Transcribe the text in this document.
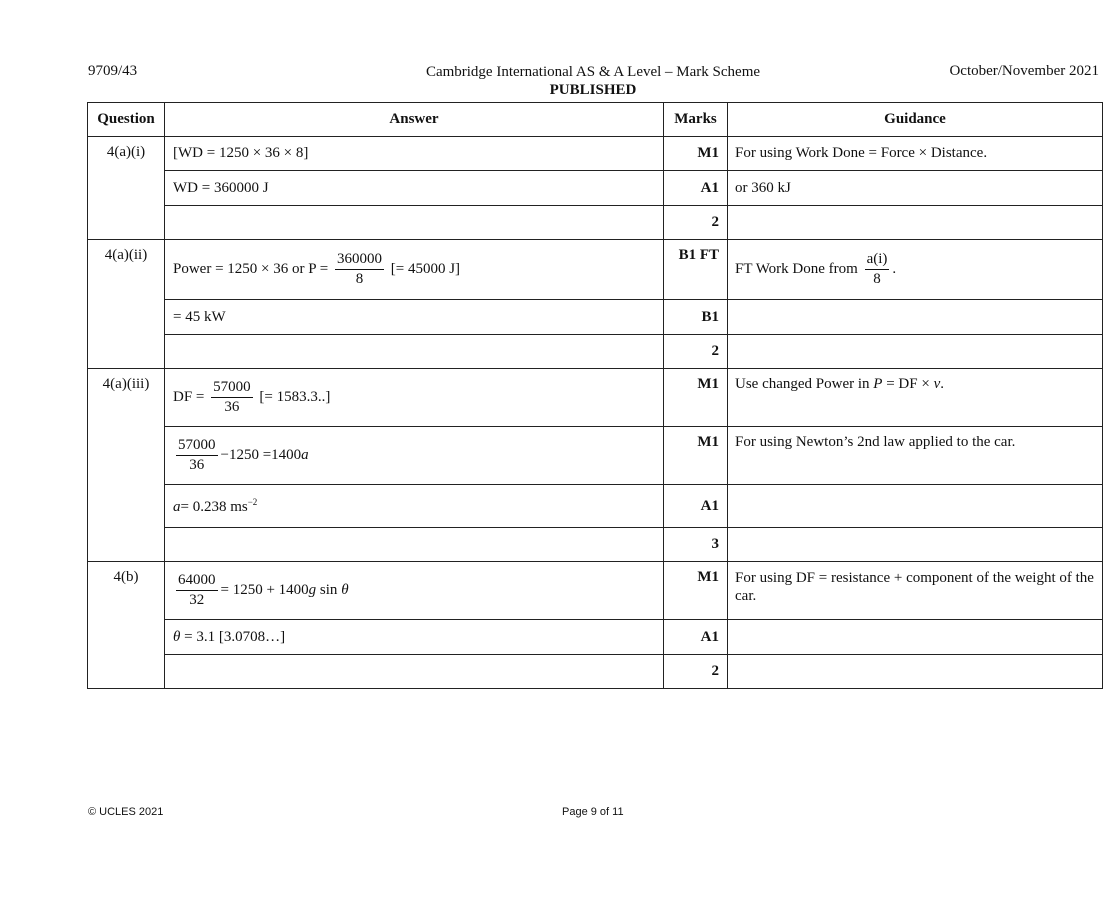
9709/43	Cambridge International AS & A Level – Mark Scheme
PUBLISHED
October/November 2021
Question	Answer	Marks	Guidance
4(a)(i)	[WD = 1250 × 36 × 8]	M1	For using Work Done = Force × Distance.
	WD = 360000 J	A1	or 360 kJ
		2	
4(a)(ii)	Power = 1250 × 36 or $P = \frac{360000}{8}$ [= 45000 J]	B1 FT	FT Work Done from $\frac{a(i)}{8}$ .
	= 45 kW	B1	
		2	
4(a)(iii)	DF = $\frac{57000}{36}$ [= 1583.3..]	M1	Use changed Power in P = DF × v.

	$\frac{57000}{36} -1250 =1400a$	M1	For using Newton’s 2nd law applied to the car.
	a= 0.238 $ms^{-2}$	A1	
		3	
4(b)	$\frac{64000}{32} = 1250 + 1400g$ sin θ	M1	For using DF = resistance + component of the weight of the car.
	θ = 3.1 [3.0708…]	A1	
		2	
© UCLES 2021	Page 9 of 11
